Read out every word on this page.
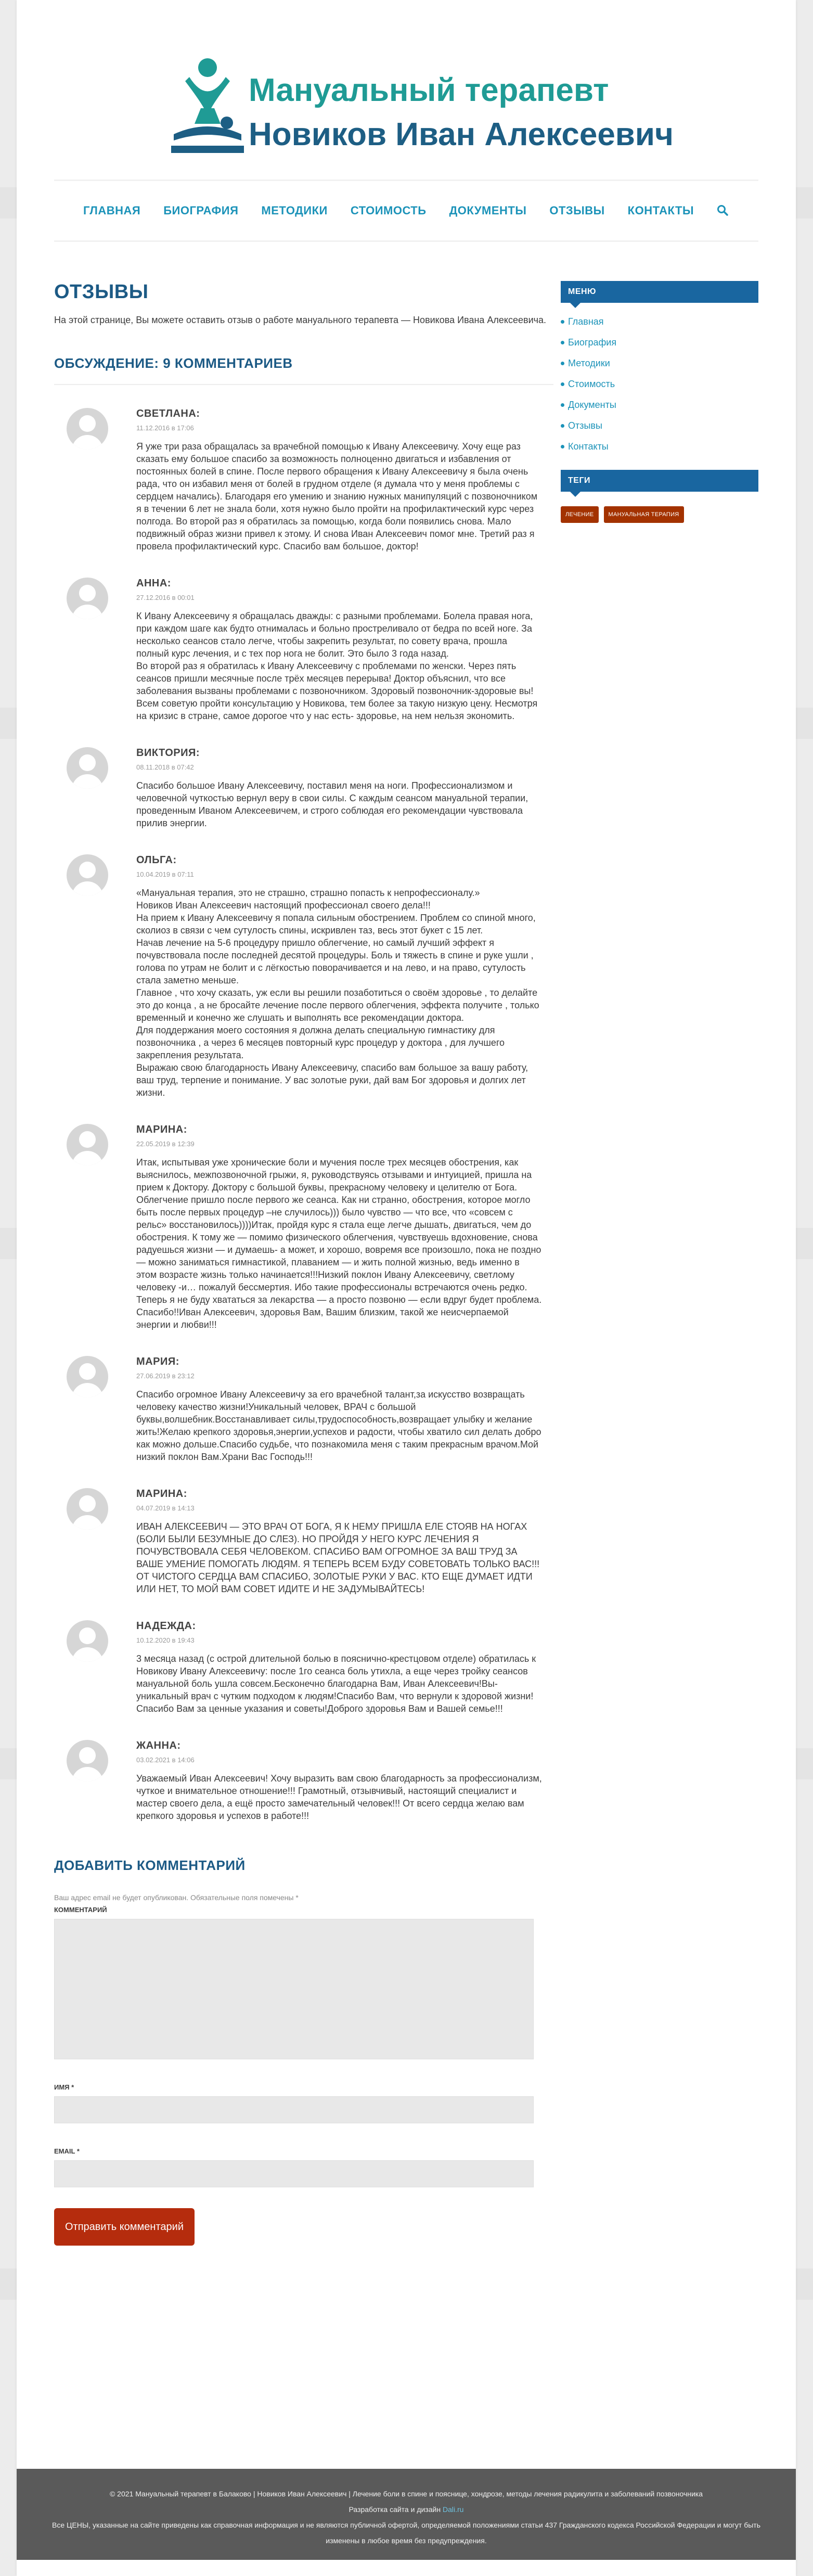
Мануальный терапевт
Новиков Иван Алексеевич
ГЛАВНАЯ БИОГРАФИЯ МЕТОДИКИ СТОИМОСТЬ ДОКУМЕНТЫ ОТЗЫВЫ КОНТАКТЫ
ОТЗЫВЫ

На этой странице, Вы можете оставить отзыв о работе мануального терапевта — Новикова Ивана Алексеевича.

ОБСУЖДЕНИЕ: 9 КОММЕНТАРИЕВ
СВЕТЛАНА:
11.12.2016 в 17:06
Я уже три раза обращалась за врачебной помощью к Ивану Алексеевичу. Хочу еще раз сказать ему большое спасибо за возможность полноценно двигаться и избавления от постоянных болей в спине. После первого обращения к Ивану Алексеевичу я была очень рада, что он избавил меня от болей в грудном отделе (я думала что у меня проблемы с сердцем начались). Благодаря его умению и знанию нужных манипуляций с позвоночником я в течении 6 лет не знала боли, хотя нужно было пройти на профилактический курс через полгода. Во второй раз я обратилась за помощью, когда боли появились снова. Мало подвижный образ жизни привел к этому. И снова Иван Алексеевич помог мне. Третий раз я провела профилактический курс. Спасибо вам большое, доктор!
АННА:
27.12.2016 в 00:01
К Ивану Алексеевичу я обращалась дважды: с разными проблемами. Болела правая нога, при каждом шаге как будто отнималась и больно простреливало от бедра по всей ноге. За несколько сеансов стало легче, чтобы закрепить результат, по совету врача, прошла полный курс лечения, и с тех пор нога не болит. Это было 3 года назад.
Во второй раз я обратилась к Ивану Алексеевичу с проблемами по женски. Через пять сеансов пришли месячные после трёх месяцев перерыва! Доктор объяснил, что все заболевания вызваны проблемами с позвоночником. Здоровый позвоночник-здоровые вы! Всем советую пройти консультацию у Новикова, тем более за такую низкую цену. Несмотря на кризис в стране, самое дорогое что у нас есть- здоровье, на нем нельзя экономить.
ВИКТОРИЯ:
08.11.2018 в 07:42
Спасибо большое Ивану Алексеевичу, поставил меня на ноги. Профессионализмом и человечной чуткостью вернул веру в свои силы. С каждым сеансом мануальной терапии, проведенным Иваном Алексеевичем, и строго соблюдая его рекомендации чувствовала прилив энергии.
ОЛЬГА:
10.04.2019 в 07:11
«Мануальная терапия, это не страшно, страшно попасть к непрофессионалу.»
Новиков Иван Алексеевич настоящий профессионал своего дела!!!
На прием к Ивану Алексеевичу я попала сильным обострением. Проблем со спиной много, сколиоз в связи с чем сутулость спины, искривлен таз, весь этот букет с 15 лет.
Начав лечение на 5-6 процедуру пришло облегчение, но самый лучший эффект я почувствовала после последней десятой процедуры. Боль и тяжесть в спине и руке ушли , голова по утрам не болит и с лёгкостью поворачивается и на лево, и на право, сутулость стала заметно меньше.
Главное , что хочу сказать, уж если вы решили позаботиться о своём здоровье , то делайте это до конца , а не бросайте лечение после первого облегчения, эффекта получите , только временный и конечно же слушать и выполнять все рекомендации доктора.
Для поддержания моего состояния я должна делать специальную гимнастику для позвоночника , а через 6 месяцев повторный курс процедур у доктора , для лучшего закрепления результата.
Выражаю свою благодарность Ивану Алексеевичу, спасибо вам большое за вашу работу, ваш труд, терпение и понимание. У вас золотые руки, дай вам Бог здоровья и долгих лет жизни.
МАРИНА:
22.05.2019 в 12:39
Итак, испытывая уже хронические боли и мучения после трех месяцев обострения, как выяснилось, межпозвоночной грыжи, я, руководствуясь отзывами и интуицией, пришла на прием к Доктору. Доктору с большой буквы, прекрасному человеку и целителю от Бога. Облегчение пришло после первого же сеанса. Как ни странно, обострения, которое могло быть после первых процедур –не случилось))) было чувство — что все, что «совсем с рельс» восстановилось))))Итак, пройдя курс я стала еще легче дышать, двигаться, чем до обострения. К тому же — помимо физического облегчения, чувствуешь вдохновение, снова радуешься жизни — и думаешь- а может, и хорошо, вовремя все произошло, пока не поздно — можно заниматься гимнастикой, плаванием — и жить полной жизнью, ведь именно в этом возрасте жизнь только начинается!!!Низкий поклон Ивану Алексеевичу, светлому человеку -и… пожалуй бессмертия. Ибо такие профессионалы встречаются очень редко. Теперь я не буду хвататься за лекарства — а просто позвоню — если вдруг будет проблема. Спасибо!!Иван Алексеевич, здоровья Вам, Вашим близким, такой же неисчерпаемой энергии и любви!!!
МАРИЯ:
27.06.2019 в 23:12
Спасибо огромное Ивану Алексеевичу за его врачебной талант,за искусство возвращать человеку качество жизни!Уникальный человек, ВРАЧ с большой буквы,волшебник.Восстанавливает силы,трудоспособность,возвращает улыбку и желание жить!Желаю крепкого здоровья,энергии,успехов и радости, чтобы хватило сил делать добро как можно дольше.Спасибо судьбе, что познакомила меня с таким прекрасным врачом.Мой низкий поклон Вам.Храни Вас Господь!!!
МАРИНА:
04.07.2019 в 14:13
ИВАН АЛЕКСЕЕВИЧ — ЭТО ВРАЧ ОТ БОГА, Я К НЕМУ ПРИШЛА ЕЛЕ СТОЯВ НА НОГАХ (БОЛИ БЫЛИ БЕЗУМНЫЕ ДО СЛЕЗ). НО ПРОЙДЯ У НЕГО КУРС ЛЕЧЕНИЯ Я ПОЧУВСТВОВАЛА СЕБЯ ЧЕЛОВЕКОМ. СПАСИБО ВАМ ОГРОМНОЕ ЗА ВАШ ТРУД ЗА ВАШЕ УМЕНИЕ ПОМОГАТЬ ЛЮДЯМ. Я ТЕПЕРЬ ВСЕМ БУДУ СОВЕТОВАТЬ ТОЛЬКО ВАС!!! ОТ ЧИСТОГО СЕРДЦА ВАМ СПАСИБО, ЗОЛОТЫЕ РУКИ У ВАС. КТО ЕЩЕ ДУМАЕТ ИДТИ ИЛИ НЕТ, ТО МОЙ ВАМ СОВЕТ ИДИТЕ И НЕ ЗАДУМЫВАЙТЕСЬ!
НАДЕЖДА:
10.12.2020 в 19:43
3 месяца назад (с острой длительной болью в пояснично-крестцовом отделе) обратилась к Новикову Ивану Алексеевичу: после 1го сеанса боль утихла, а еще через тройку сеансов мануальной боль ушла совсем.Бесконечно благодарна Вам, Иван Алексеевич!Вы- уникальный врач с чутким подходом к людям!Спасибо Вам, что вернули к здоровой жизни!Спасибо Вам за ценные указания и советы!Доброго здоровья Вам и Вашей семье!!!
ЖАННА:
03.02.2021 в 14:06
Уважаемый Иван Алексеевич! Хочу выразить вам свою благодарность за профессионализм, чуткое и внимательное отношение!!! Грамотный, отзывчивый, настоящий специалист и мастер своего дела, а ещё просто замечательный человек!!! От всего сердца желаю вам крепкого здоровья и успехов в работе!!!
ДОБАВИТЬ КОММЕНТАРИЙ

Ваш адрес email не будет опубликован. Обязательные поля помечены *

КОММЕНТАРИЙ
ИМЯ *
EMAIL *
Отправить комментарий
МЕНЮ
Главная
Биография
Методики
Стоимость
Документы
Отзывы
Контакты
ТЕГИ
ЛЕЧЕНИЕ	МАНУАЛЬНАЯ ТЕРАПИЯ
© 2021 Мануальный терапевт в Балаково | Новиков Иван Алексеевич | Лечение боли в спине и пояснице, хондрозе, методы лечения радикулита и заболеваний позвоночника
Разработка сайта и дизайн Dali.ru
Все ЦЕНЫ, указанные на сайте приведены как справочная информация и не являются публичной офертой, определяемой положениями статьи 437 Гражданского кодекса Российской Федерации и могут быть
изменены в любое время без предупреждения.
